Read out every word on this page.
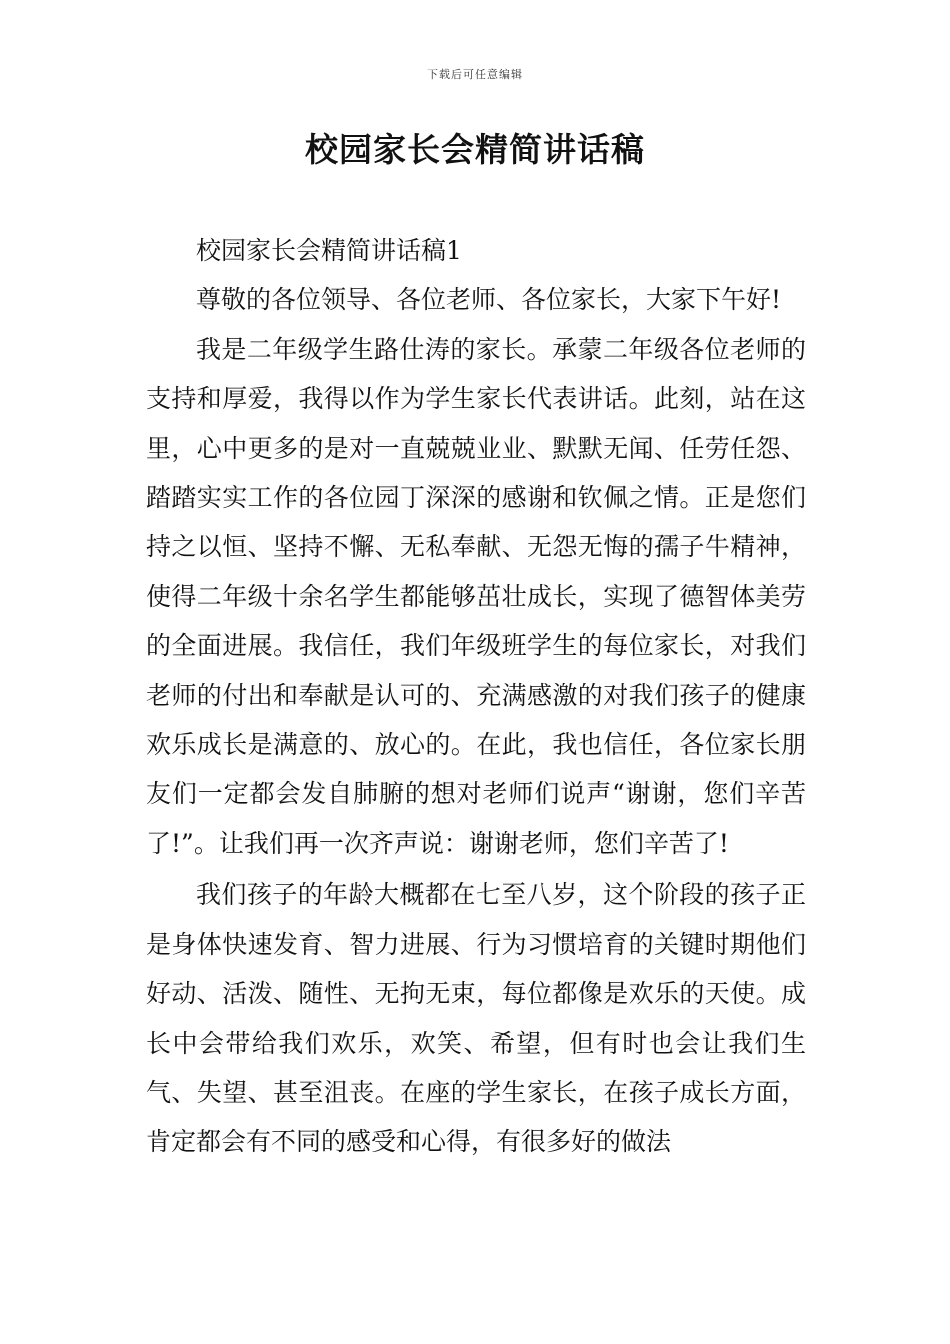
下载后可任意编辑
校园家长会精简讲话稿

校园家长会精简讲话稿1

尊敬的各位领导、各位老师、各位家长，大家下午好!

我是二年级学生路仕涛的家长。承蒙二年级各位老师的支持和厚爱，我得以作为学生家长代表讲话。此刻，站在这里，心中更多的是对一直兢兢业业、默默无闻、任劳任怨、踏踏实实工作的各位园丁深深的感谢和钦佩之情。正是您们持之以恒、坚持不懈、无私奉献、无怨无悔的孺子牛精神，使得二年级十余名学生都能够茁壮成长，实现了德智体美劳的全面进展。我信任，我们年级班学生的每位家长，对我们老师的付出和奉献是认可的、充满感激的对我们孩子的健康欢乐成长是满意的、放心的。在此，我也信任，各位家长朋友们一定都会发自肺腑的想对老师们说声“谢谢，您们辛苦了!”。让我们再一次齐声说：谢谢老师，您们辛苦了!

我们孩子的年龄大概都在七至八岁，这个阶段的孩子正是身体快速发育、智力进展、行为习惯培育的关键时期他们好动、活泼、随性、无拘无束，每位都像是欢乐的天使。成长中会带给我们欢乐，欢笑、希望，但有时也会让我们生气、失望、甚至沮丧。在座的学生家长，在孩子成长方面，肯定都会有不同的感受和心得，有很多好的做法
